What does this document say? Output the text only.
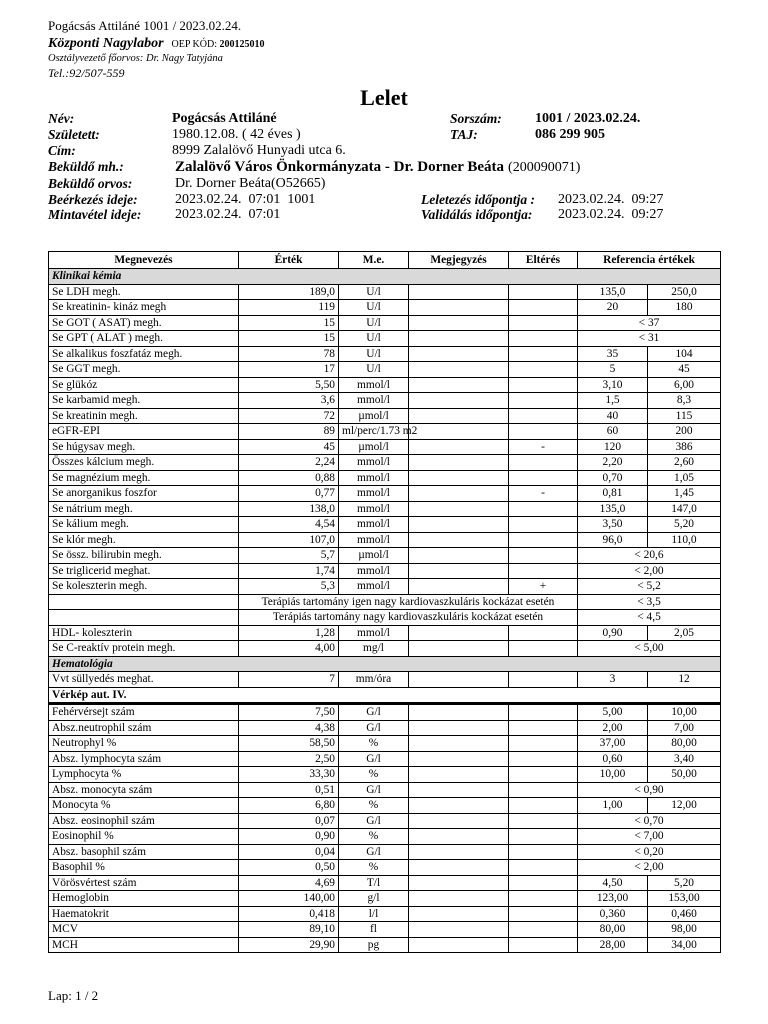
Pogácsás Attiláné 1001 / 2023.02.24.
Központi Nagylabor OEP KÓD: 200125010
Osztályvezető főorvos: Dr. Nagy Tatyjána
Tel.:92/507-559
Lelet
Név:	Pogácsás Attiláné
Született:	1980.12.08. ( 42 éves )
Cím:	8999 Zalalövő Hunyadi utca 6.
Beküldő mh.:	Zalalövő Város Önkormányzata - Dr. Dorner Beáta (200090071)
Beküldő orvos:	Dr. Dorner Beáta(O52665)
Beérkezés ideje:	2023.02.24.  07:01  1001
Mintavétel ideje: 2023.02.24.  07:01
Sorszám: 1001 / 2023.02.24.
TAJ:	086 299 905
Leletezés időpontja : 2023.02.24.  09:27
Validálás időpontja: 2023.02.24.  09:27
Megnevezés	Érték	M.e.	Megjegyzés	Eltérés	Referencia értékek	
Klinikai kémia						
Se LDH megh.	189,0	U/l			135,0	250,0
Se kreatinin- kináz megh	119	U/l			20	180
Se GOT ( ASAT) megh.	15	U/l			< 37	
Se GPT ( ALAT ) megh.	15	U/l			< 31	
Se alkalikus foszfatáz megh.	78	U/l			35	104
Se GGT megh.	17	U/l			5	45
Se glükóz	5,50	mmol/l			3,10	6,00
Se karbamid megh.	3,6	mmol/l			1,5	8,3
Se kreatinin megh.	72	µmol/l			40	115
eGFR-EPI	89	ml/perc/1.73 m2			60	200
Se húgysav megh.	45	µmol/l		-	120	386
Összes kálcium megh.	2,24	mmol/l			2,20	2,60
Se magnézium megh.	0,88	mmol/l			0,70	1,05
Se anorganikus foszfor	0,77	mmol/l		-	0,81	1,45
Se nátrium megh.	138,0	mmol/l			135,0	147,0
Se kálium megh.	4,54	mmol/l			3,50	5,20
Se klór megh.	107,0	mmol/l			96,0	110,0
Se össz. bilirubin megh.	5,7	µmol/l			< 20,6	
Se triglicerid meghat.	1,74	mmol/l			< 2,00	
Se koleszterin megh.	5,3	mmol/l		+	< 5,2	
	Terápiás tartomány igen nagy kardiovaszkuláris kockázat esetén				< 3,5	
	Terápiás tartomány nagy kardiovaszkuláris kockázat esetén				< 4,5	
HDL- koleszterin	1,28	mmol/l			0,90	2,05
Se C-reaktív protein megh.	4,00	mg/l			< 5,00	
Hematológia						
Vvt süllyedés meghat.	7	mm/óra			3	12
Vérkép aut. IV.						
Fehérvérsejt szám	7,50	G/l			5,00	10,00
Absz.neutrophil szám	4,38	G/l			2,00	7,00
Neutrophyl %	58,50	%			37,00	80,00
Absz. lymphocyta szám	2,50	G/l			0,60	3,40
Lymphocyta %	33,30	%			10,00	50,00
Absz. monocyta szám	0,51	G/l			< 0,90	
Monocyta %	6,80	%			1,00	12,00
Absz. eosinophil szám	0,07	G/l			< 0,70	
Eosinophil %	0,90	%			< 7,00	
Absz. basophil szám	0,04	G/l			< 0,20	
Basophil %	0,50	%			< 2,00	
Vörösvértest szám	4,69	T/l			4,50	5,20
Hemoglobin	140,00	g/l			123,00	153,00
Haematokrit	0,418	l/l			0,360	0,460
MCV	89,10	fl			80,00	98,00
MCH	29,90	pg			28,00	34,00
Lap: 1 / 2
